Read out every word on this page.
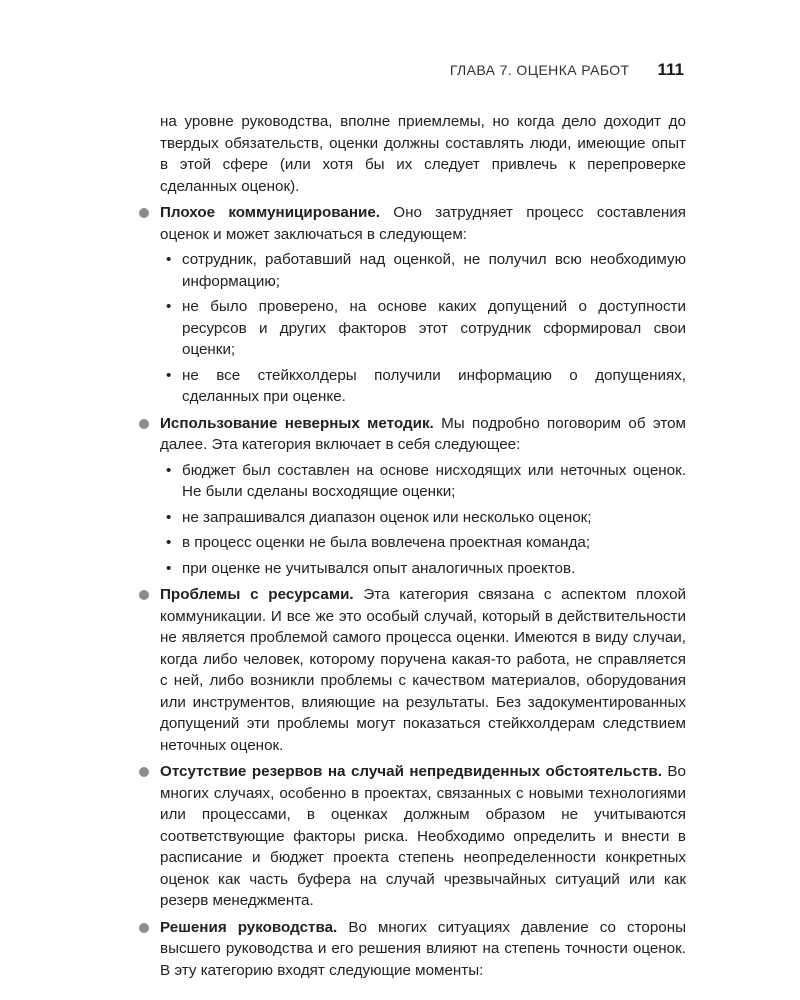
ГЛАВА 7. ОЦЕНКА РАБОТ 111

на уровне руководства, вполне приемлемы, но когда дело доходит до твердых обязательств, оценки должны составлять люди, имеющие опыт в этой сфере (или хотя бы их следует привлечь к перепроверке сделанных оценок).

Плохое коммуницирование. Оно затрудняет процесс составления оценок и может заключаться в следующем:

• сотрудник, работавший над оценкой, не получил всю необходимую информацию;
• не было проверено, на основе каких допущений о доступности ресурсов и других факторов этот сотрудник сформировал свои оценки;
• не все стейкхолдеры получили информацию о допущениях, сделанных при оценке.

Использование неверных методик. Мы подробно поговорим об этом далее. Эта категория включает в себя следующее:

• бюджет был составлен на основе нисходящих или неточных оценок. Не были сделаны восходящие оценки;
• не запрашивался диапазон оценок или несколько оценок;
• в процесс оценки не была вовлечена проектная команда;
• при оценке не учитывался опыт аналогичных проектов.

Проблемы с ресурсами. Эта категория связана с аспектом плохой коммуникации. И все же это особый случай, который в действительности не является проблемой самого процесса оценки. Имеются в виду случаи, когда либо человек, которому поручена какая-то работа, не справляется с ней, либо возникли проблемы с качеством материалов, оборудования или инструментов, влияющие на результаты. Без задокументированных допущений эти проблемы могут показаться стейкхолдерам следствием неточных оценок.

Отсутствие резервов на случай непредвиденных обстоятельств. Во многих случаях, особенно в проектах, связанных с новыми технологиями или процессами, в оценках должным образом не учитываются соответствующие факторы риска. Необходимо определить и внести в расписание и бюджет проекта степень неопределенности конкретных оценок как часть буфера на случай чрезвычайных ситуаций или как резерв менеджмента.

Решения руководства. Во многих ситуациях давление со стороны высшего руководства и его решения влияют на степень точности оценок. В эту категорию входят следующие моменты:
